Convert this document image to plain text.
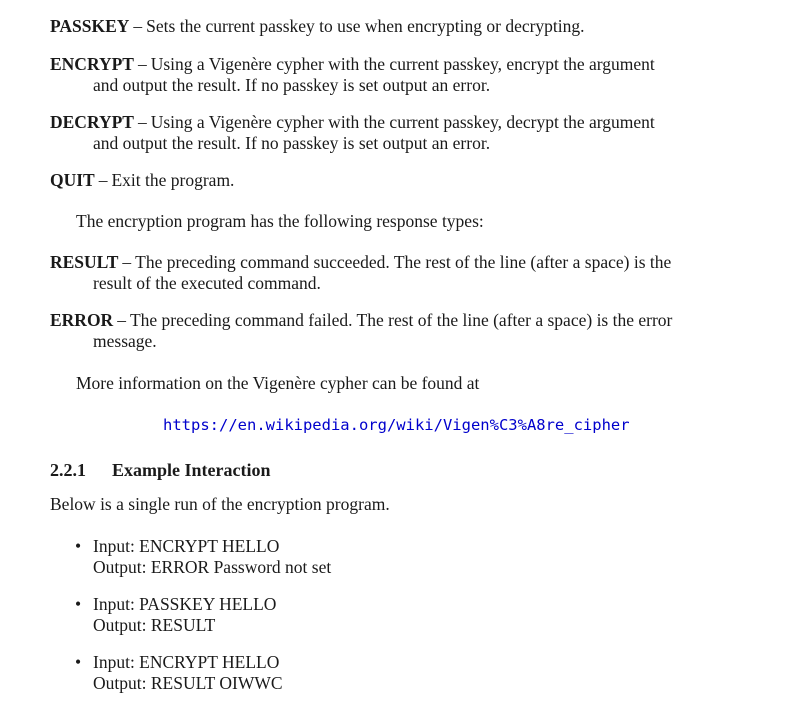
PASSKEY – Sets the current passkey to use when encrypting or decrypting.

ENCRYPT – Using a Vigenère cypher with the current passkey, encrypt the argument
and output the result. If no passkey is set output an error.

DECRYPT – Using a Vigenère cypher with the current passkey, decrypt the argument
and output the result. If no passkey is set output an error.

QUIT – Exit the program.

The encryption program has the following response types:

RESULT – The preceding command succeeded. The rest of the line (after a space) is the
result of the executed command.

ERROR – The preceding command failed. The rest of the line (after a space) is the error
message.

More information on the Vigenère cypher can be found at

https://en.wikipedia.org/wiki/Vigen%C3%A8re_cipher
2.2.1 Example Interaction

Below is a single run of the encryption program.

• Input: ENCRYPT HELLO
Output: ERROR Password not set
• Input: PASSKEY HELLO
Output: RESULT
• Input: ENCRYPT HELLO
Output: RESULT OIWWC
